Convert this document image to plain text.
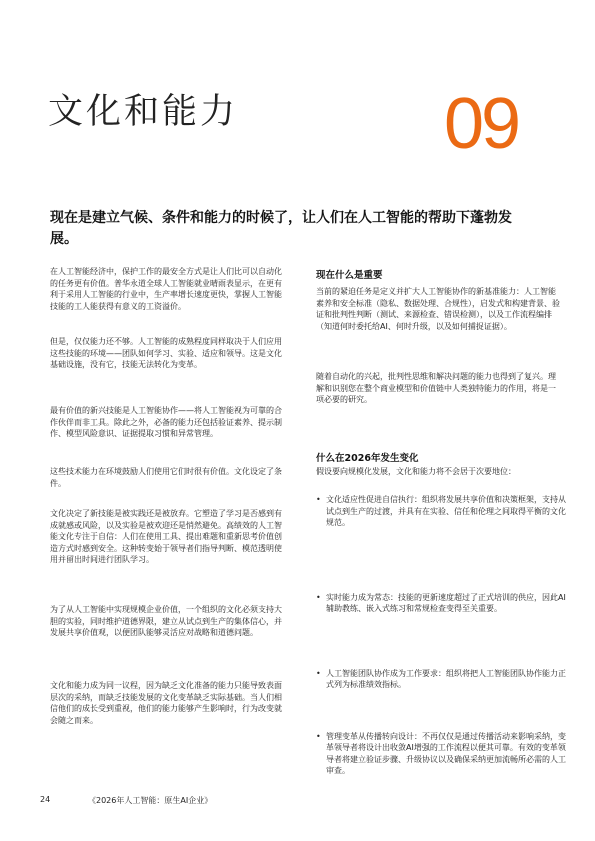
文化和能力	09
现在是建立气候、条件和能力的时候了，让人们在人工智能的帮助下蓬勃发展。
在人工智能经济中，保护工作的最安全方式是让人们比可以自动化的任务更有价值。普华永道全球人工智能就业晴雨表显示，在更有利于采用人工智能的行业中，生产率增长速度更快，掌握人工智能技能的工人能获得有意义的工资溢价。
但是，仅仅能力还不够。人工智能的成熟程度同样取决于人们应用这些技能的环境——团队如何学习、实验、适应和领导。这是文化基础设施，没有它，技能无法转化为变革。
最有价值的新兴技能是人工智能协作——将人工智能视为可靠的合作伙伴而非工具。除此之外，必备的能力还包括验证素养、提示制作、模型风险意识、证据提取习惯和异常管理。
这些技术能力在环境鼓励人们使用它们时很有价值。文化设定了条件。
文化决定了新技能是被实践还是被放弃。它塑造了学习是否感到有成就感或风险，以及实验是被欢迎还是悄然避免。高绩效的人工智能文化专注于自信：人们在使用工具、提出难题和重新思考价值创造方式时感到安全。这种转变始于领导者们指导判断、模范透明使用并留出时间进行团队学习。
为了从人工智能中实现规模企业价值，一个组织的文化必须支持大胆的实验，同时维护道德界限，建立从试点到生产的集体信心，并发展共享价值观，以便团队能够灵活应对战略和道德问题。
文化和能力成为同一议程，因为缺乏文化准备的能力只能导致表面层次的采纳，而缺乏技能发展的文化变革缺乏实际基础。当人们相信他们的成长受到重视，他们的能力能够产生影响时，行为改变就会随之而来。
现在什么是重要
当前的紧迫任务是定义并扩大人工智能协作的新基准能力：人工智能素养和安全标准（隐私、数据处理、合规性），启发式和构建背景、验证和批判性判断（测试、来源检查、错误检测），以及工作流程编排（知道何时委托给AI、何时升级，以及如何捕捉证据）。
随着自动化的兴起，批判性思维和解决问题的能力也得到了复兴。理解和识别您在整个商业模型和价值链中人类独特能力的作用，将是一项必要的研究。
什么在2026年发生变化
假设要向规模化发展，文化和能力将不会居于次要地位：
• 文化适应性促进自信执行：组织将发展共享价值和决策框架，支持从试点到生产的过渡，并具有在实验、信任和伦理之间取得平衡的文化规范。
• 实时能力成为常态：技能的更新速度超过了正式培训的供应，因此AI辅助教练、嵌入式练习和常规检查变得至关重要。
• 人工智能团队协作成为工作要求：组织将把人工智能团队协作能力正式列为标准绩效指标。
• 管理变革从传播转向设计：不再仅仅是通过传播活动来影响采纳，变革领导者将设计出收敛AI增强的工作流程以便其可靠。有效的变革领导者将建立验证步骤、升级协议以及确保采纳更加流畅所必需的人工审查。
24	《2026年人工智能：原生AI企业》
